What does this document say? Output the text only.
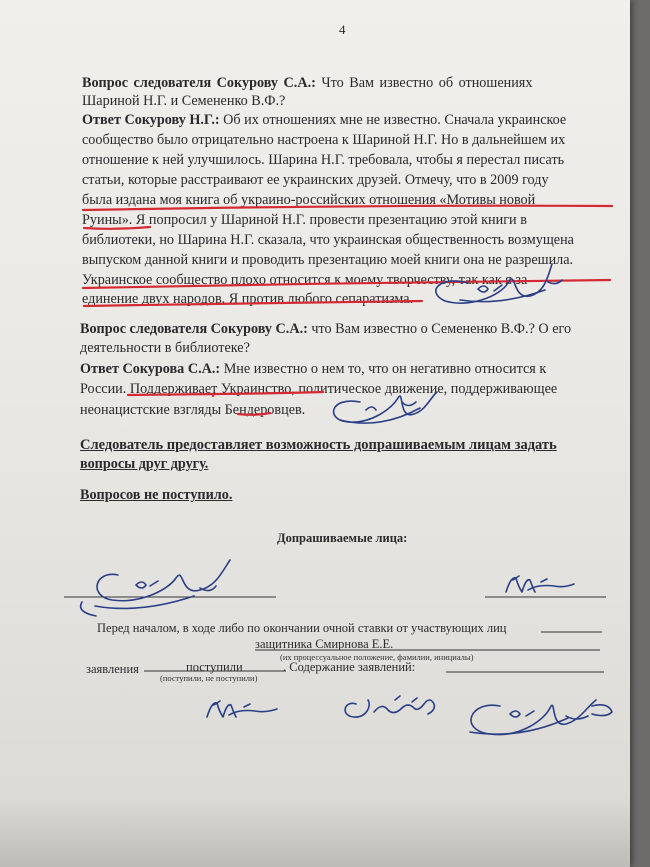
4
Вопрос следователя Сокурову С.А.: Что Вам известно об отношениях
Шариной Н.Г. и Семененко В.Ф.?
Ответ Сокурову Н.Г.: Об их отношениях мне не известно. Сначала украинское
сообщество было отрицательно настроена к Шариной Н.Г. Но в дальнейшем их
отношение к ней улучшилось. Шарина Н.Г. требовала, чтобы я перестал писать
статьи, которые расстраивают ее украинских друзей. Отмечу, что в 2009 году
была издана моя книга об украино-российских отношения «Мотивы новой
Руины». Я попросил у Шариной Н.Г. провести презентацию этой книги в
библиотеки, но Шарина Н.Г. сказала, что украинская общественность возмущена
выпуском данной книги и проводить презентацию моей книги она не разрешила.
Украинское сообщество плохо относится к моему творчеству, так как я за
единение двух народов. Я против любого сепаратизма.
Вопрос следователя Сокурову С.А.: что Вам известно о Семененко В.Ф.? О его
деятельности в библиотеке?
Ответ Сокурова С.А.: Мне известно о нем то, что он негативно относится к
России. Поддерживает Украинство, политическое движение, поддерживающее
неонацистские взгляды Бендеровцев.
Следователь предоставляет возможность допрашиваемым лицам задать
вопросы друг другу.
Вопросов не поступило.
Допрашиваемые лица:
Перед началом, в ходе либо по окончании очной ставки от участвующих лиц
защитника Смирнова Е.Е.
(их процессуальное положение, фамилии, инициалы)
заявления	поступили	. Содержание заявлений:
(поступили, не поступили)
